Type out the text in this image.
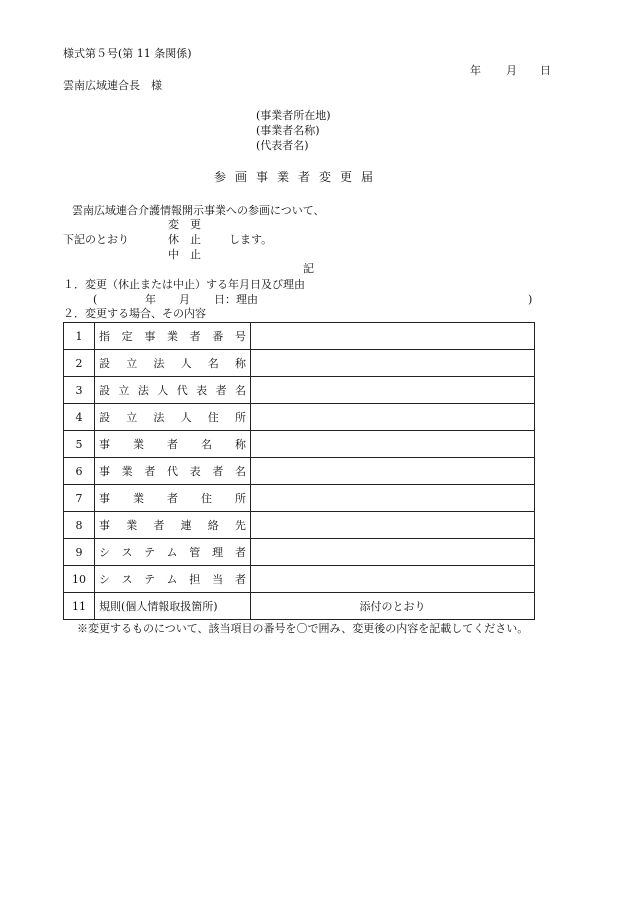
様式第５号(第 11 条関係)
年 月 日
雲南広域連合長　様
(事業者所在地)
(事業者名称)
(代表者名)
参画事業者変更届
雲南広域連合介護情報開示事業への参画について、
変　更
下記のとおり	休　止	します。
中　止
記
１．変更（休止または中止）する年月日及び理由
(	年 月 日：理由	)
２．変更する場合、その内容
1	指定事業者番号	
2	設立法人名称	
3	設立法人代表者名	
4	設立法人住所	
5	事業者名称	
6	事業者代表者名	
7	事業者住所	
8	事業者連絡先	
9	システム管理者	
10	システム担当者	
11	規則(個人情報取扱箇所)	添付のとおり
※変更するものについて、該当項目の番号を〇で囲み、変更後の内容を記載してください。
